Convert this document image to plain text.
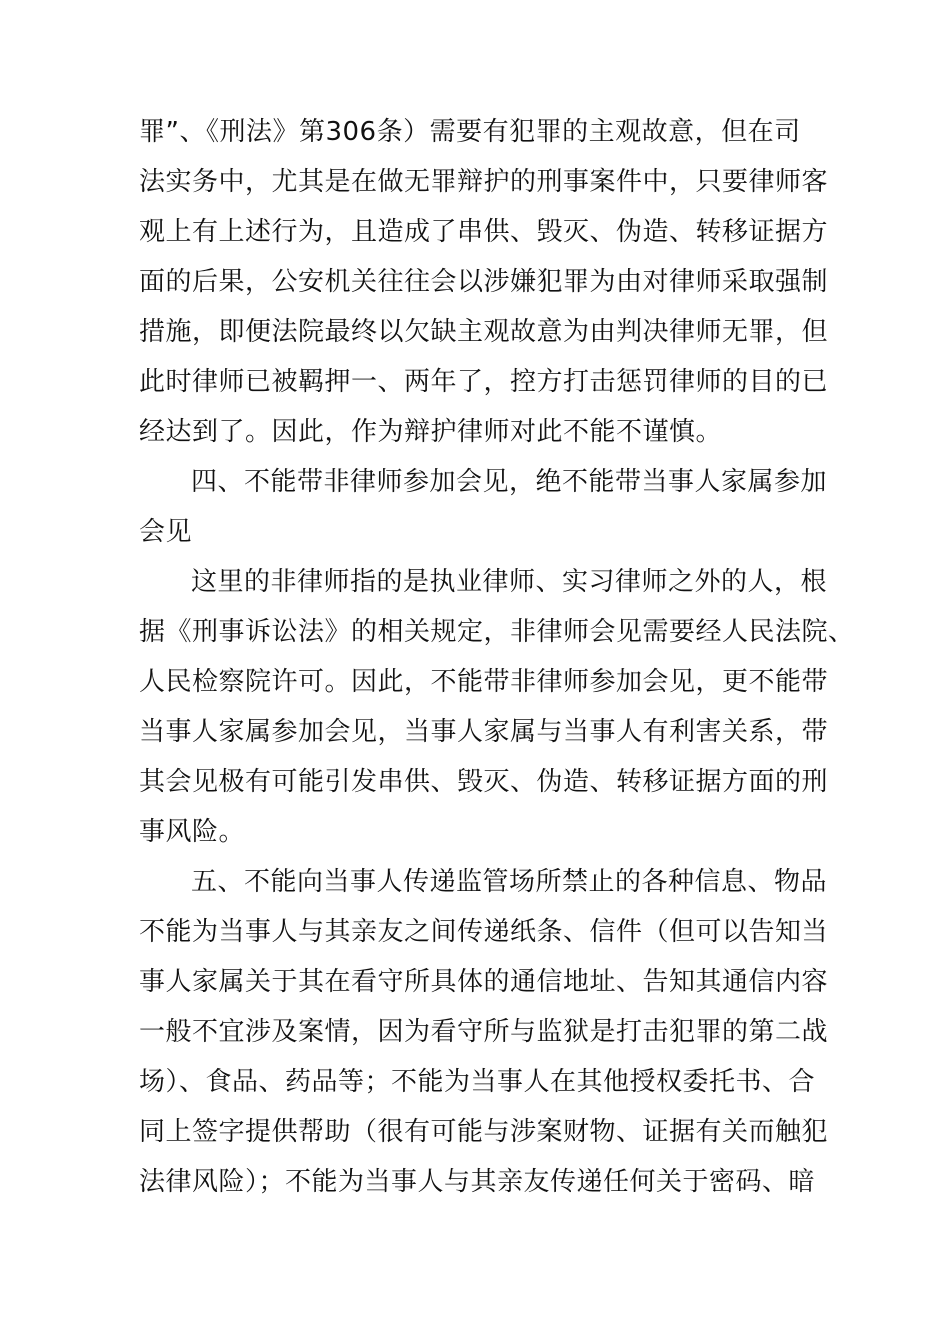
罪”、《刑法》第306条）需要有犯罪的主观故意，但在司
法实务中，尤其是在做无罪辩护的刑事案件中，只要律师客
观上有上述行为，且造成了串供、毁灭、伪造、转移证据方
面的后果，公安机关往往会以涉嫌犯罪为由对律师采取强制
措施，即便法院最终以欠缺主观故意为由判决律师无罪，但
此时律师已被羁押一、两年了，控方打击惩罚律师的目的已
经达到了。因此，作为辩护律师对此不能不谨慎。
四、不能带非律师参加会见，绝不能带当事人家属参加
会见
这里的非律师指的是执业律师、实习律师之外的人，根
据《刑事诉讼法》的相关规定，非律师会见需要经人民法院、
人民检察院许可。因此，不能带非律师参加会见，更不能带
当事人家属参加会见，当事人家属与当事人有利害关系，带
其会见极有可能引发串供、毁灭、伪造、转移证据方面的刑
事风险。
五、不能向当事人传递监管场所禁止的各种信息、物品
不能为当事人与其亲友之间传递纸条、信件（但可以告知当
事人家属关于其在看守所具体的通信地址、告知其通信内容
一般不宜涉及案情，因为看守所与监狱是打击犯罪的第二战
场）、食品、药品等；不能为当事人在其他授权委托书、合
同上签字提供帮助（很有可能与涉案财物、证据有关而触犯
法律风险）；不能为当事人与其亲友传递任何关于密码、暗
